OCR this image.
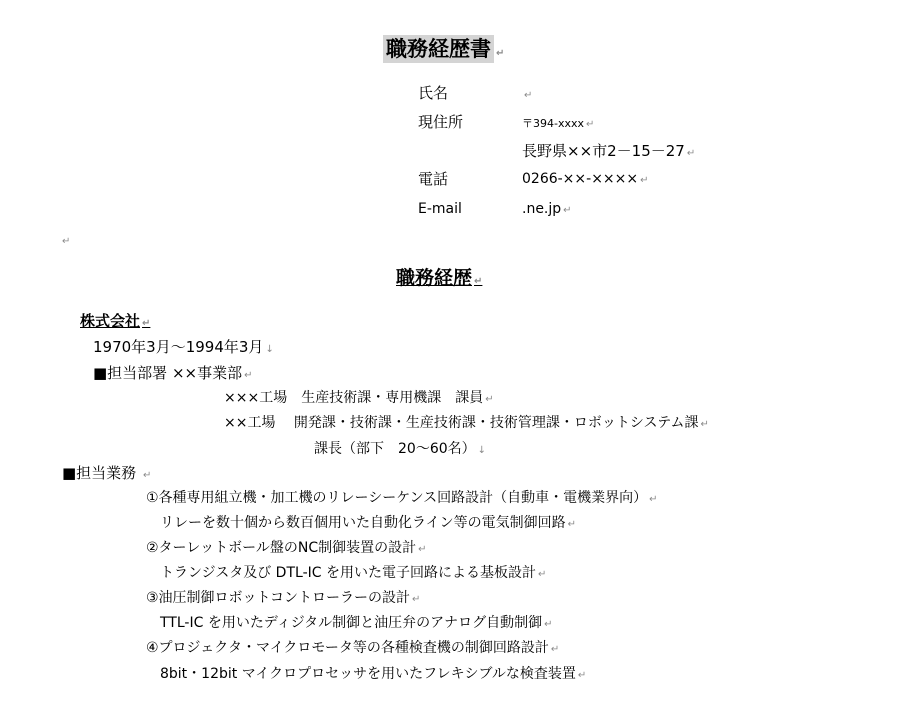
職務経歴書 ↵
氏名	↵
現住所	〒394-xxxx ↵
長野県××市2－15－27 ↵
電話	0266-××-×××× ↵
E-mail	.ne.jp ↵
↵
職務経歴 ↵
株式会社 ↵
1970年3月～1994年3月 ↓
■担当部署 ××事業部 ↵
×××工場　生産技術課・専用機課　課員 ↵
××工場　 開発課・技術課・生産技術課・技術管理課・ロボットシステム課 ↵
課長（部下　20～60名） ↓
■担当業務 ↵
①各種専用組立機・加工機のリレーシーケンス回路設計（自動車・電機業界向） ↵
リレーを数十個から数百個用いた自動化ライン等の電気制御回路 ↵
②ターレットボール盤のNC制御装置の設計 ↵
トランジスタ及び DTL-IC を用いた電子回路による基板設計 ↵
③油圧制御ロボットコントローラーの設計 ↵
TTL-IC を用いたディジタル制御と油圧弁のアナログ自動制御 ↵
④プロジェクタ・マイクロモータ等の各種検査機の制御回路設計 ↵
8bit・12bit マイクロプロセッサを用いたフレキシブルな検査装置 ↵
